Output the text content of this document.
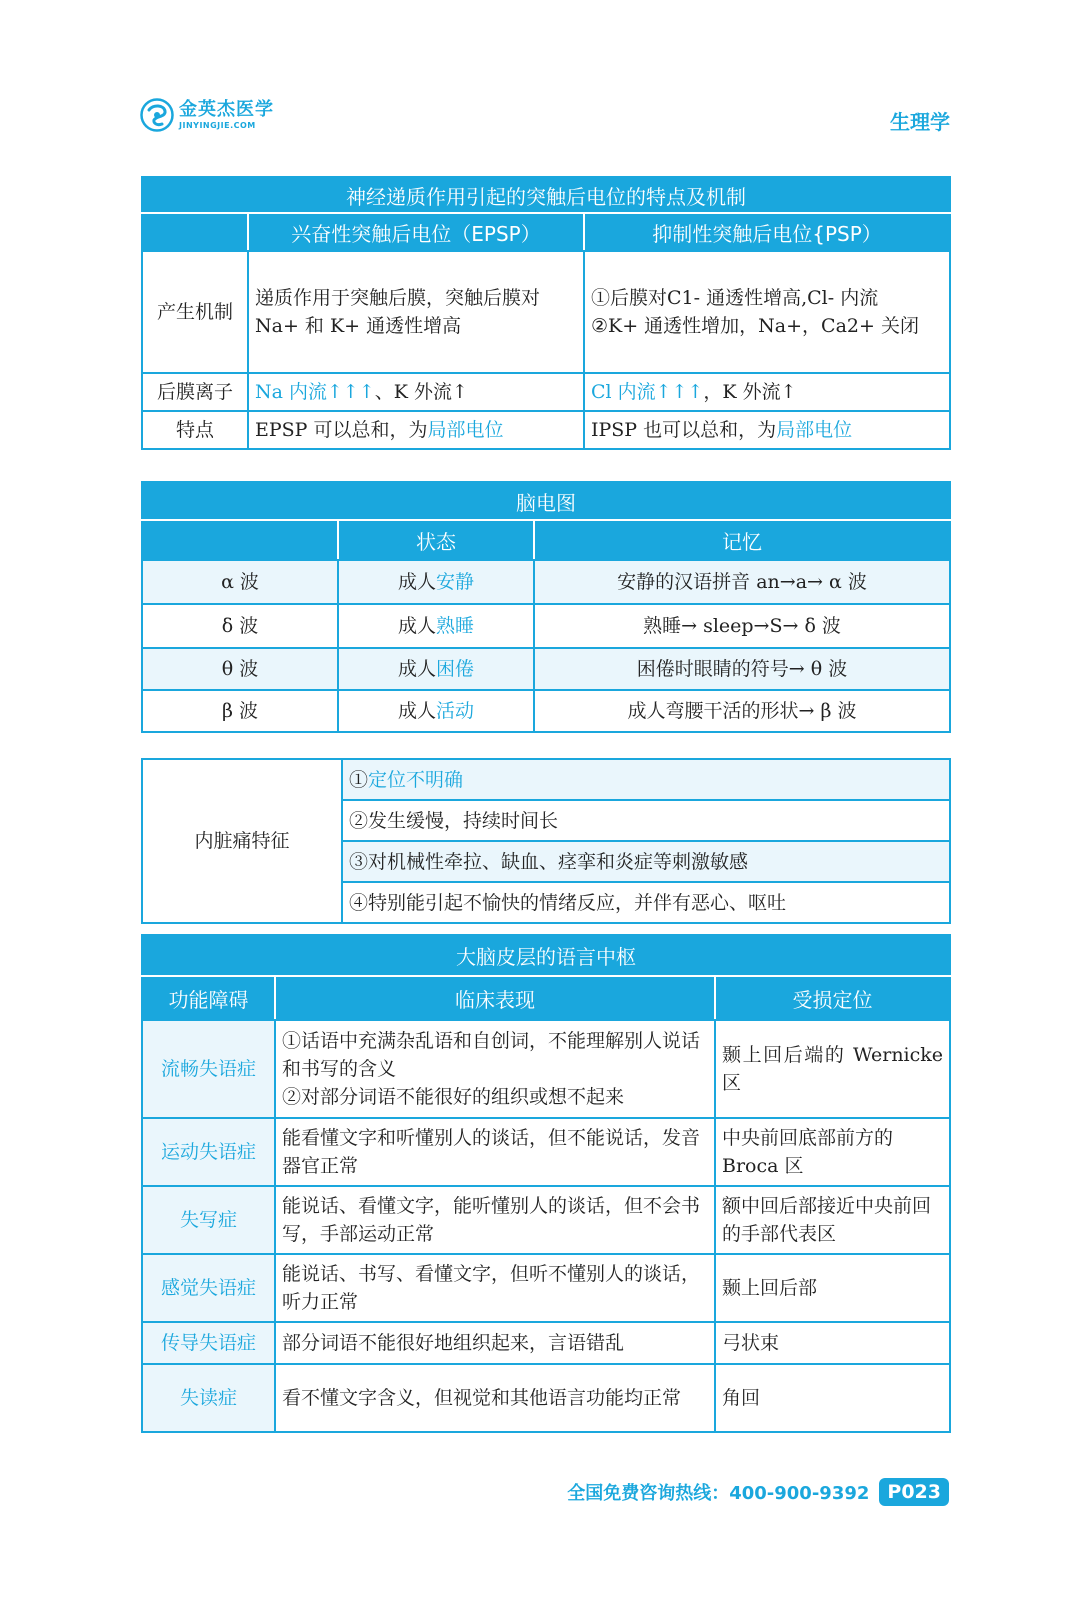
金英杰医学
JINYINGJIE.COM	生理学
神经递质作用引起的突触后电位的特点及机制		
	兴奋性突触后电位（EPSP）	抑制性突触后电位{PSP）
产生机制	递质作用于突触后膜，突触后膜对 Na+ 和 K+ 通透性增高	①后膜对C1- 通透性增高,Cl- 内流
②K+ 通透性增加，Na+，Ca2+ 关闭

后膜离子	Na 内流↑↑↑、K 外流↑	Cl 内流↑↑↑，K 外流↑
特点	EPSP 可以总和，为局部电位	IPSP 也可以总和，为局部电位
脑电图		
	状态	记忆
α 波	成人安静	安静的汉语拼音 an→a→ α 波
δ 波	成人熟睡	熟睡→ sleep→S→ δ 波
θ 波	成人困倦	困倦时眼睛的符号→ θ 波
β 波	成人活动	成人弯腰干活的形状→ β 波
内脏痛特征	①定位不明确
②发生缓慢，持续时间长
③对机械性牵拉、缺血、痉挛和炎症等刺激敏感
④特别能引起不愉快的情绪反应，并伴有恶心、呕吐
大脑皮层的语言中枢		
功能障碍	临床表现	受损定位
流畅失语症	①话语中充满杂乱语和自创词，不能理解别人说话和书写的含义
②对部分词语不能很好的组织或想不起来	颞上回后端的 Wernicke 区
运动失语症	能看懂文字和听懂别人的谈话，但不能说话，发音器官正常	中央前回底部前方的 Broca 区
失写症	能说话、看懂文字，能听懂别人的谈话，但不会书写，手部运动正常	额中回后部接近中央前回的手部代表区
感觉失语症	能说话、书写、看懂文字，但听不懂别人的谈话，听力正常	颞上回后部
传导失语症	部分词语不能很好地组织起来，言语错乱	弓状束
失读症	看不懂文字含义，但视觉和其他语言功能均正常	角回
全国免费咨询热线：400-900-9392 P023
